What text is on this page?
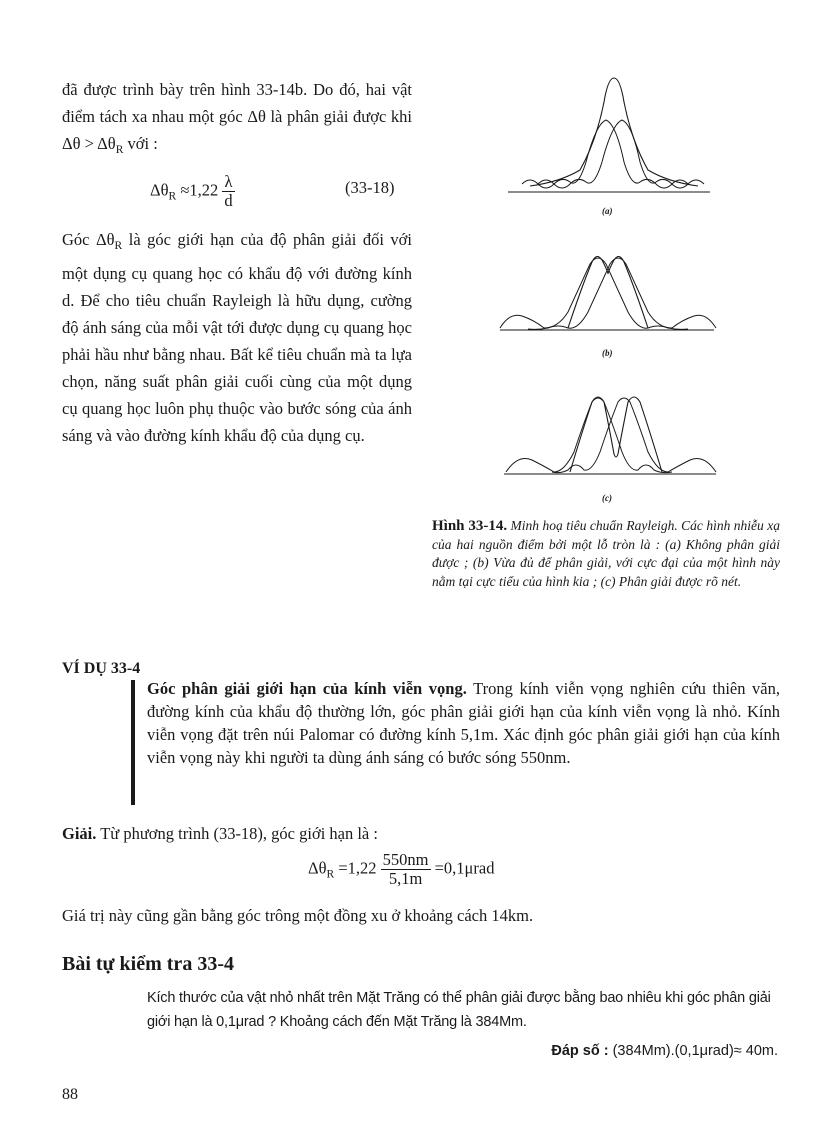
đã được trình bày trên hình 33-14b. Do đó, hai vật điểm tách xa nhau một góc Δθ là phân giải được khi $\Delta\theta > \Delta\theta_R$ với :

$\Delta\theta_R \approx 1,22 \frac{\lambda}{d}$	(33-18)
Góc $\Delta\theta_R$ là góc giới hạn của độ phân giải đối với một dụng cụ quang học có khẩu độ với đường kính d. Để cho tiêu chuẩn Rayleigh là hữu dụng, cường độ ánh sáng của mỗi vật tới được dụng cụ quang học phải hầu như bằng nhau. Bất kể tiêu chuẩn mà ta lựa chọn, năng suất phân giải cuối cùng của một dụng cụ quang học luôn phụ thuộc vào bước sóng của ánh sáng và vào đường kính khẩu độ của dụng cụ.
(a)
(b)
(c)
Hình 33-14. Minh hoạ tiêu chuẩn Rayleigh. Các hình nhiễu xạ của hai nguồn điểm bởi một lỗ tròn là : (a) Không phân giải được ; (b) Vừa đủ để phân giải, với cực đại của một hình này nằm tại cực tiểu của hình kia ; (c) Phân giải được rõ nét.
VÍ DỤ 33-4
Góc phân giải giới hạn của kính viễn vọng. Trong kính viễn vọng nghiên cứu thiên văn, đường kính của khẩu độ thường lớn, góc phân giải giới hạn của kính viễn vọng là nhỏ. Kính viễn vọng đặt trên núi Palomar có đường kính 5,1m. Xác định góc phân giải giới hạn của kính viễn vọng này khi người ta dùng ánh sáng có bước sóng 550nm.
Giải. Từ phương trình (33-18), góc giới hạn là :
$\Delta\theta_R =1,22 \frac{550nm}{5,1m} =0,1\mu rad$
Giá trị này cũng gần bằng góc trông một đồng xu ở khoảng cách 14km.
Bài tự kiểm tra 33-4
Kích thước của vật nhỏ nhất trên Mặt Trăng có thể phân giải được bằng bao nhiêu khi góc phân giải giới hạn là 0,1μrad ? Khoảng cách đến Mặt Trăng là 384Mm.
Đáp số : (384Mm).(0,1μrad)≈ 40m.
88
